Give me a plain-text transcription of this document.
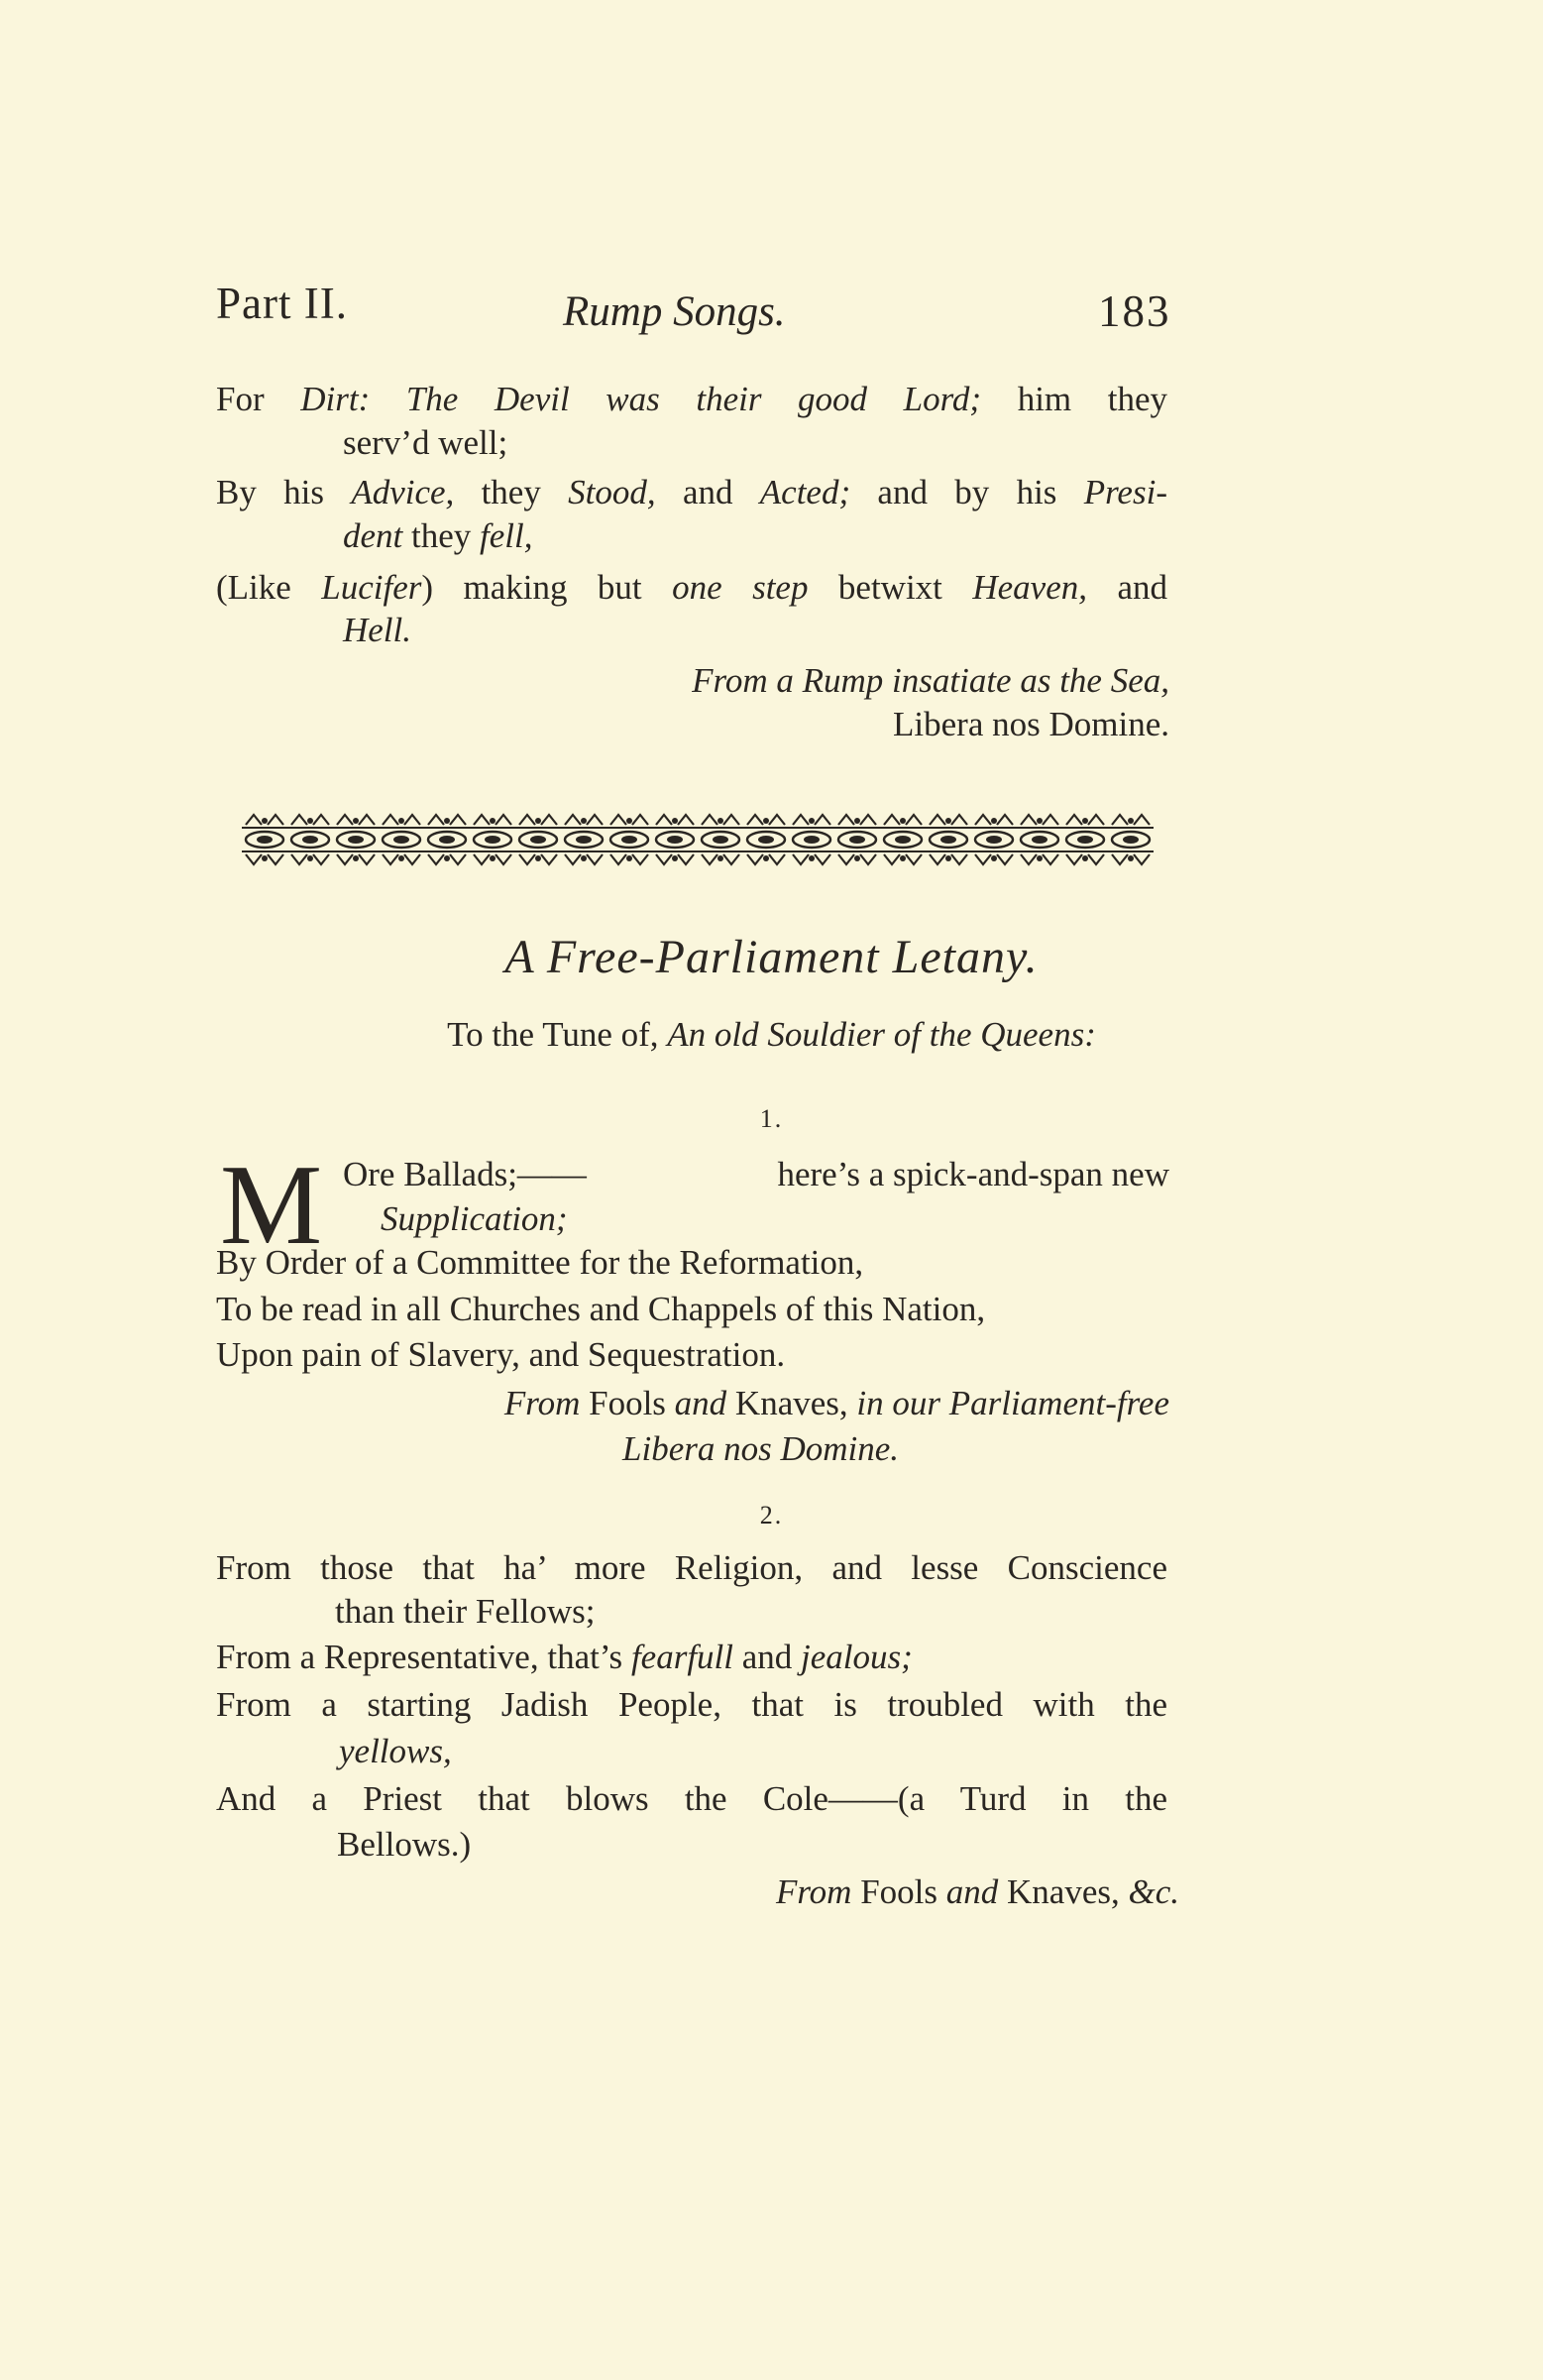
Part II.	Rump Songs.	183
For Dirt: The Devil was their good Lord; him they
serv’d well;
By his Advice, they Stood, and Acted; and by his Presi-
dent they fell,
(Like Lucifer) making but one step betwixt Heaven, and
Hell.
From a Rump insatiate as the Sea,
Libera nos Domine.
A Free-Parliament Letany.
To the Tune of, An old Souldier of the Queens:
1.
M Ore Ballads;——	here’s a spick-and-span new
Supplication;
By Order of a Committee for the Reformation,
To be read in all Churches and Chappels of this Nation,
Upon pain of Slavery, and Sequestration.
From Fools and Knaves, in our Parliament-free
Libera nos Domine.
2.
From those that ha’ more Religion, and lesse Conscience
than their Fellows;
From a Representative, that’s fearfull and jealous;
From a starting Jadish People, that is troubled with the
yellows,
And a Priest that blows the Cole——(a Turd in the
Bellows.)
From Fools and Knaves, &c.
